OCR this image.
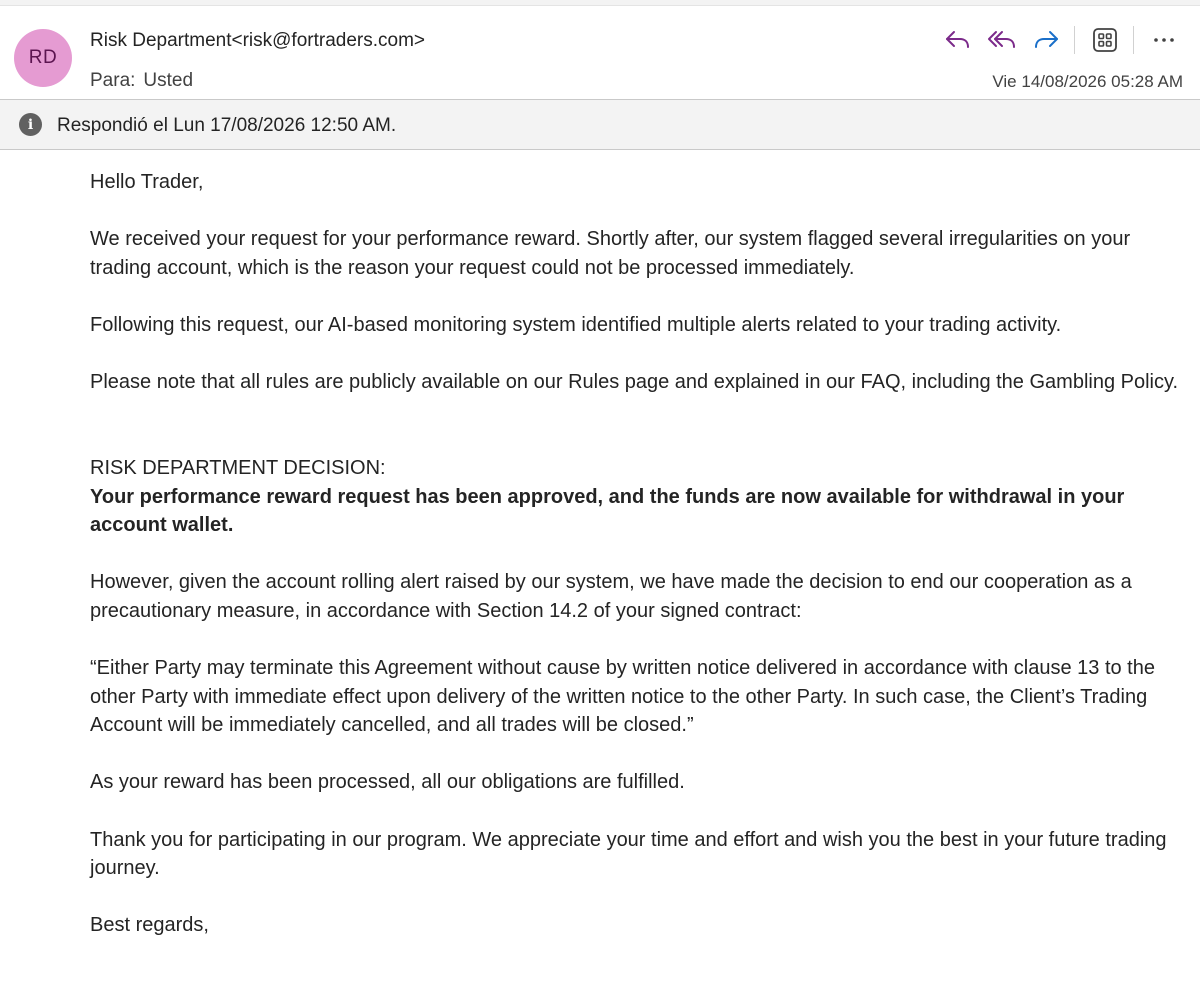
RD
Risk Department<risk@fortraders.com>
Para: Usted	Vie 14/08/2026 05:28 AM
i	Respondió el Lun 17/08/2026 12:50 AM.

Hello Trader,

We received your request for your performance reward. Shortly after, our system flagged several irregularities on your trading account, which is the reason your request could not be processed immediately.

Following this request, our AI-based monitoring system identified multiple alerts related to your trading activity.

Please note that all rules are publicly available on our Rules page and explained in our FAQ, including the Gambling Policy.

RISK DEPARTMENT DECISION:

Your performance reward request has been approved, and the funds are now available for withdrawal in your account wallet.

However, given the account rolling alert raised by our system, we have made the decision to end our cooperation as a precautionary measure, in accordance with Section 14.2 of your signed contract:

“Either Party may terminate this Agreement without cause by written notice delivered in accordance with clause 13 to the other Party with immediate effect upon delivery of the written notice to the other Party. In such case, the Client’s Trading Account will be immediately cancelled, and all trades will be closed.”

As your reward has been processed, all our obligations are fulfilled.

Thank you for participating in our program. We appreciate your time and effort and wish you the best in your future trading journey.

Best regards,
